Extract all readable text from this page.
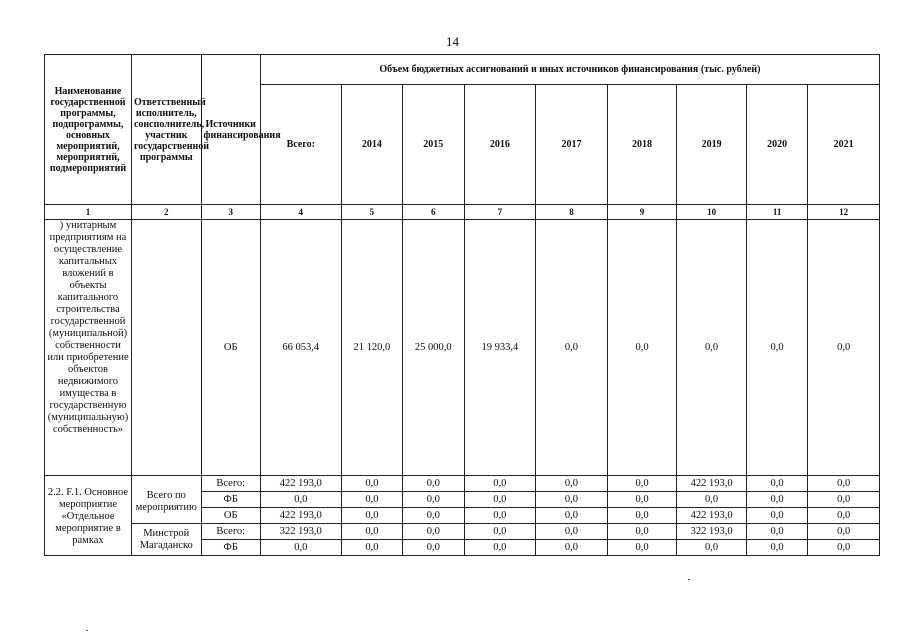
14
Наименование государственной программы, подпрограммы, основных мероприятий, мероприятий, подмероприятий	Ответственный исполнитель, соисполнитель, участник государственной программы	Источники финансирования	Объем бюджетных ассигнований и иных источников финансирования (тыс. рублей)								
			Всего:	2014	2015	2016	2017	2018	2019	2020	2021
1	2	3	4	5	6	7	8	9	10	11	12
) унитарным предприятиям на осуществление капитальных вложений в объекты капитального строительства государственной (муниципальной) собственности или приобретение объектов недвижимого имущества в государственную (муниципальную) собственность»		ОБ	66 053,4	21 120,0	25 000,0	19 933,4	0,0	0,0	0,0	0,0	0,0
2.2. F.1. Основное мероприятие «Отдельное мероприятие в рамках	Всего по мероприятию	Всего:	422 193,0	0,0	0,0	0,0	0,0	0,0	422 193,0	0,0	0,0
		ФБ	0,0	0,0	0,0	0,0	0,0	0,0	0,0	0,0	0,0
		ОБ	422 193,0	0,0	0,0	0,0	0,0	0,0	422 193,0	0,0	0,0
	Минстрой Магаданско	Всего:	322 193,0	0,0	0,0	0,0	0,0	0,0	322 193,0	0,0	0,0
		ФБ	0,0	0,0	0,0	0,0	0,0	0,0	0,0	0,0	0,0
